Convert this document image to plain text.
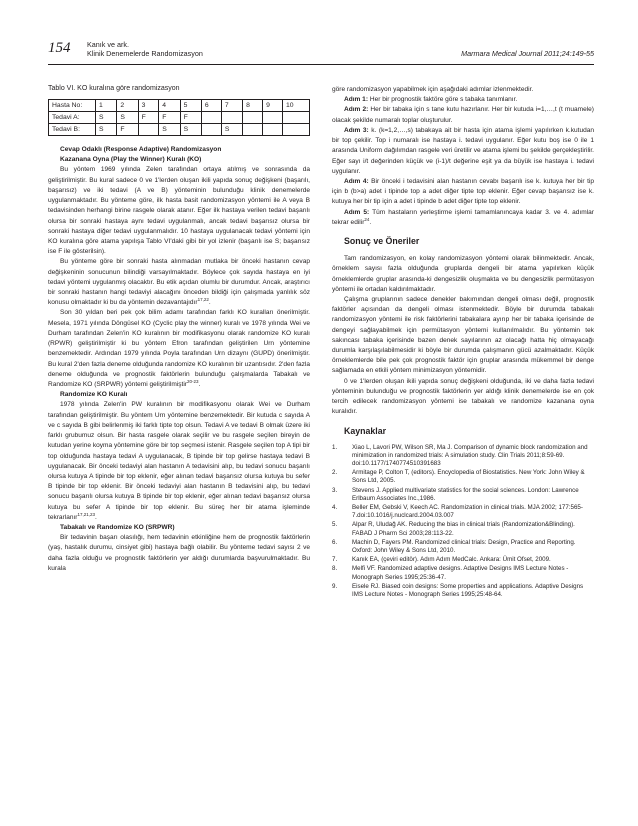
154 Kanık ve ark.
Klinik Denemelerde Randomizasyon	Marmara Medical Journal 2011;24:149-55
Tablo VI. KO kuralına göre randomizasyon
Hasta No:	1	2	3	4	5	6	7	8	9	10
Tedavi A:	S	S	F	F	F					
Tedavi B:	S	F		S	S		S			
Cevap Odaklı (Response Adaptive) Randomizasyon
Kazanana Oyna (Play the Winner) Kuralı (KO)

Bu yöntem 1969 yılında Zelen tarafından ortaya atılmış ve sonrasında da geliştirilmiştir. Bu kural sadece 0 ve 1'lerden oluşan ikili yapıda sonuç değişkeni (başarılı, başarısız) ve iki tedavi (A ve B) yönteminin bulunduğu klinik denemelerde uygulanmaktadır. Bu yönteme göre, ilk hasta basit randomizasyon yöntemi ile A veya B tedavisinden herhangi birine rasgele olarak atanır. Eğer ilk hastaya verilen tedavi başarılı olursa bir sonraki hastaya aynı tedavi uygulanmalı, ancak tedavi başarısız olursa bir sonraki hastaya diğer tedavi uygulanmalıdır. 10 hastaya uygulanacak tedavi yöntemi için KO kuralına göre atama yapılışa Tablo VI'daki gibi bir yol izlenir (başarılı ise S; başarısız ise F ile gösterilsin).

Bu yönteme göre bir sonraki hasta alınmadan mutlaka bir önceki hastanın cevap değişkeninin sonucunun bilindiği varsayılmaktadır. Böylece çok sayıda hastaya en iyi tedavi yöntemi uygulanmış olacaktır. Bu etik açıdan olumlu bir durumdur. Ancak, araştırıcı bir sonraki hastanın hangi tedaviyi alacağını önceden bildiği için çalışmada yanlılık söz konusu olmaktadır ki bu da yöntemin dezavantajıdır$^{17,22}$.

Son 30 yıldan beri pek çok bilim adamı tarafından farklı KO kuralları önerilmiştir. Mesela, 1971 yılında Döngüsel KO (Cyclic play the winner) kuralı ve 1978 yılında Wei ve Durham tarafından Zelen'in KO kuralının bir modifikasyonu olarak randomize KO kuralı (RPWR) geliştirilmiştir ki bu yöntem Efron tarafından geliştirilen Urn yöntemine benzemektedir. Ardından 1979 yılında Poyla tarafından Urn dizaynı (GUPD) önerilmiştir. Bu kural 2'den fazla deneme olduğunda randomize KO kuralının bir uzantısıdır. 2'den fazla deneme olduğunda ve prognostik faktörlerin bulunduğu çalışmalarda Tabakalı ve Randomize KO (SRPWR) yöntemi geliştirilmiştir$^{20-23}$.

Randomize KO Kuralı

1978 yılında Zelen'in PW kuralının bir modifikasyonu olarak Wei ve Durham tarafından geliştirilmiştir. Bu yöntem Urn yöntemine benzemektedir. Bir kutuda c sayıda A ve c sayıda B gibi belirlenmiş iki farklı tipte top olsun. Tedavi A ve tedavi B olmak üzere iki farklı grubumuz olsun. Bir hasta rasgele olarak seçilir ve bu rasgele seçilen bireyin de kutudan yerine koyma yöntemine göre bir top seçmesi istenir. Rasgele seçilen top A tipi bir top olduğunda hastaya tedavi A uygulanacak, B tipinde bir top gelirse hastaya tedavi B uygulanacak. Bir önceki tedaviyi alan hastanın A tedavisini alıp, bu tedavi sonucu başarılı olursa kutuya A tipinde bir top eklenir, eğer alınan tedavi başarısız olursa kutuya bu sefer B tipinde bir top eklenir. Bir önceki tedaviyi alan hastanın B tedavisini alıp, bu tedavi sonucu başarılı olursa kutuya B tipinde bir top eklenir, eğer alınan tedavi başarısız olursa kutuya bu sefer A tipinde bir top eklenir. Bu süreç her bir atama işleminde tekrarlanır$^{17,21,23}$.

Tabakalı ve Randomize KO (SRPWR)

Bir tedavinin başarı olasılığı, hem tedavinin etkinliğine hem de prognostik faktörlerin (yaş, hastalık durumu, cinsiyet gibi) hastaya bağlı olabilir. Bu yönteme tedavi sayısı 2 ve daha fazla olduğu ve prognostik faktörlerin yer aldığı durumlarda başvurulmaktadır. Bu kurala

göre randomizasyon yapabilmek için aşağıdaki adımlar izlenmektedir.

Adım 1: Her bir prognostik faktöre göre s tabaka tanımlanır.

Adım 2: Her bir tabaka için s tane kutu hazırlanır. Her bir kutuda i=1,…,t (t muamele) olacak şekilde numaralı toplar oluşturulur.

Adım 3: k. (k=1,2,…,s) tabakaya ait bir hasta için atama işlemi yapılırken k.kutudan bir top çekilir. Top i numaralı ise hastaya i. tedavi uygulanır. Eğer kutu boş ise 0 ile 1 arasında Uniform dağılımdan rasgele veri üretilir ve atama işlemi bu şekilde gerçekleştirilir. Eğer sayı i/t değerinden küçük ve (i-1)/t değerine eşit ya da büyük ise hastaya i. tedavi uygulanır.

Adım 4: Bir önceki i tedavisini alan hastanın cevabı başarılı ise k. kutuya her bir tip için b (b>a) adet i tipinde top a adet diğer tipte top eklenir. Eğer cevap başarısız ise k. kutuya her bir tip için a adet i tipinde b adet diğer tipte top eklenir.

Adım 5: Tüm hastaların yerleştirme işlemi tamamlanıncaya kadar 3. ve 4. adımlar tekrar edilir$^{24}$.

Sonuç ve Öneriler

Tam randomizasyon, en kolay randomizasyon yöntemi olarak bilinmektedir. Ancak, örneklem sayısı fazla olduğunda gruplarda dengeli bir atama yapılırken küçük örneklemlerde gruplar arasında-ki dengesizlik oluşmakta ve bu dengesizlik permütasyon yöntemi ile ortadan kaldırılmaktadır.

Çalışma gruplarının sadece denekler bakımından dengeli olması değil, prognostik faktörler açısından da dengeli olması istenmektedir. Böyle bir durumda tabakalı randomizasyon yöntemi ile risk faktörlerini tabakalara ayırıp her bir tabaka içerisinde de dengeyi sağlayabilmek için permütasyon yöntemi kullanılmalıdır. Bu yöntemin tek sakıncası tabaka içerisinde bazen denek sayılarının az olacağı hatta hiç olmayacağı durumla karşılaşılabilmesidir ki böyle bir durumda çalışmanın gücü azalmaktadır. Küçük örneklemlerde bile pek çok prognostik faktör için gruplar arasında mükemmel bir denge sağlamada en etkili yöntem minimizasyon yöntemidir.

0 ve 1'lerden oluşan ikili yapıda sonuç değişkeni olduğunda, iki ve daha fazla tedavi yönteminin bulunduğu ve prognostik faktörlerin yer aldığı klinik denemelerde ise en çok tercih edilecek randomizasyon yöntemi ise tabakalı ve randomize kazanana oyna kuralıdır.

Kaynaklar
1. Xiao L, Lavori PW, Wilson SR, Ma J. Comparison of dynamic block randomization and minimization in randomized trials: A simulation study. Clin Trials 2011;8:59-69. doi:10.1177/1740774510391683
2. Armitage P, Colton T, (editors). Encyclopedia of Biostatistics. New York: John Wiley & Sons Ltd, 2005.
3. Stevens J. Applied multivariate statistics for the social sciences. London: Lawrence Erlbaum Associates Inc.,1986.
4. Beller EM, Gebski V, Keech AC. Randomization in clinical trials. MJA 2002; 177:565-7.doi:10.1016/j.nuclcard.2004.03.007
5. Alpar R, Uludağ AK. Reducing the bias in clinical trials (Randomization&Blinding). FABAD J Pharm Sci 2003;28:113-22.
6. Machin D, Fayers PM. Randomized clinical trials: Design, Practice and Reporting. Oxford: John Wiley & Sons Ltd, 2010.
7. Kanık EA, (çeviri editör). Adım Adım MedCalc. Ankara: Ümit Ofset, 2009.
8. Melfi VF. Randomized adaptive designs. Adaptive Designs IMS Lecture Notes - Monograph Series 1995;25:36-47.
9. Eisele RJ. Biased coin designs: Some properties and applications. Adaptive Designs IMS Lecture Notes - Monograph Series 1995;25:48-64.
